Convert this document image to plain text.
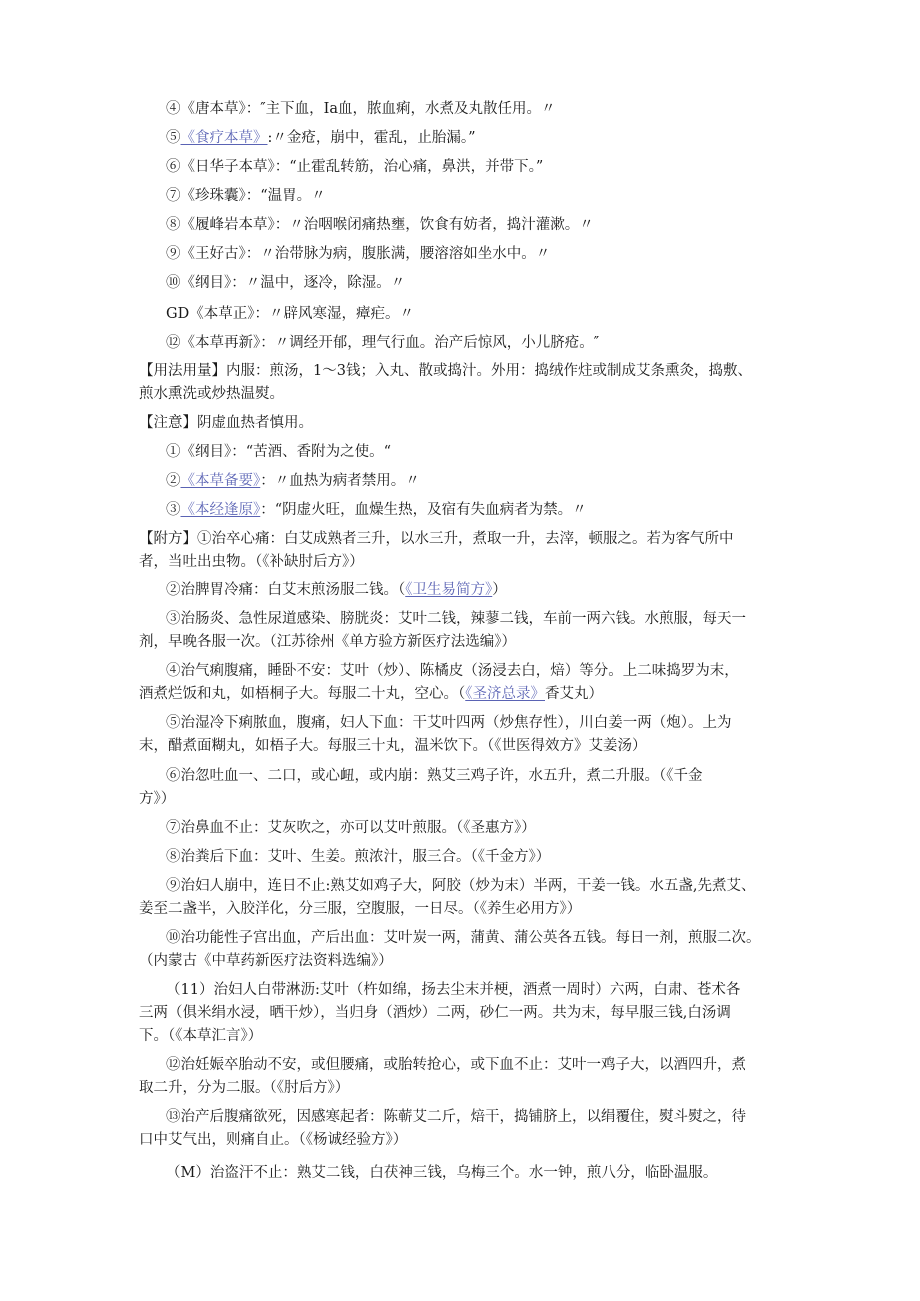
④《唐本草》：″主下血，Ia血，脓血痢，水煮及丸散任用。〃
⑤《食疗本草》:〃金疮，崩中，霍乱，止胎漏。”
⑥《日华子本草》：“止霍乱转筋，治心痛，鼻洪，并带下。”
⑦《珍珠囊》：“温胃。〃
⑧《履峰岩本草》：〃治咽喉闭痛热壅，饮食有妨者，捣汁灌漱。〃
⑨《王好古》：〃治带脉为病，腹胀满，腰溶溶如坐水中。〃
⑩《纲目》：〃温中，逐冷，除湿。〃
GD《本草正》：〃辟风寒湿，瘴疟。〃
⑫《本草再新》：〃调经开郁，理气行血。治产后惊风，小儿脐疮。″
【用法用量】内服：煎汤，1〜3钱；入丸、散或捣汁。外用：捣绒作炷或制成艾条熏灸，捣敷、
煎水熏洗或炒热温熨。
【注意】阴虚血热者慎用。
①《纲目》：“苦酒、香附为之使。“
②《本草备要》：〃血热为病者禁用。〃
③《本经逢原》：“阴虚火旺，血燥生热，及宿有失血病者为禁。〃
【附方】①治卒心痛：白艾成熟者三升，以水三升，煮取一升，去滓，顿服之。若为客气所中
者，当吐出虫物。（《补缺肘后方》）
②治脾胃冷痛：白艾末煎汤服二钱。（《卫生易简方》）
③治肠炎、急性尿道感染、膀胱炎：艾叶二钱，辣蓼二钱，车前一两六钱。水煎服，每天一
剂，早晚各服一次。（江苏徐州《单方验方新医疗法选编》）
④治气痢腹痛，睡卧不安：艾叶（炒）、陈橘皮（汤浸去白，焙）等分。上二味捣罗为末，
酒煮烂饭和丸，如梧桐子大。每服二十丸，空心。（《圣济总录》香艾丸）
⑤治湿冷下痢脓血，腹痛，妇人下血：干艾叶四两（炒焦存性），川白姜一两（炮）。上为
末，醋煮面糊丸，如梧子大。每服三十丸，温米饮下。（《世医得效方》艾姜汤）
⑥治忽吐血一、二口，或心衄，或内崩：熟艾三鸡子许，水五升，煮二升服。（《千金
方》）
⑦治鼻血不止：艾灰吹之，亦可以艾叶煎服。（《圣惠方》）
⑧治粪后下血：艾叶、生姜。煎浓汁，服三合。（《千金方》）
⑨治妇人崩中，连日不止:熟艾如鸡子大，阿胶（炒为末）半两，干姜一钱。水五盏,先煮艾、
姜至二盏半，入胶洋化，分三服，空腹服，一日尽。（《养生必用方》）
⑩治功能性子宫出血，产后出血：艾叶炭一两，蒲黄、蒲公英各五钱。每日一剂，煎服二次。
（内蒙古《中草药新医疗法资料选编》）
（11）治妇人白带淋沥:艾叶（杵如绵，扬去尘末并梗，酒煮一周时）六两，白肃、苍术各
三两（俱米绢水浸，晒干炒），当归身（酒炒）二两，砂仁一两。共为末，每早服三钱,白汤调
下。（《本草汇言》）
⑫治妊娠卒胎动不安，或但腰痛，或胎转抢心，或下血不止：艾叶一鸡子大，以酒四升，煮
取二升，分为二服。（《肘后方》）
⑬治产后腹痛欲死，因感寒起者：陈蕲艾二斤，焙干，捣铺脐上，以绢覆住，熨斗熨之，待
口中艾气出，则痛自止。（《杨诚经验方》）
（M）治盗汗不止：熟艾二钱，白茯神三钱，乌梅三个。水一钟，煎八分，临卧温服。
